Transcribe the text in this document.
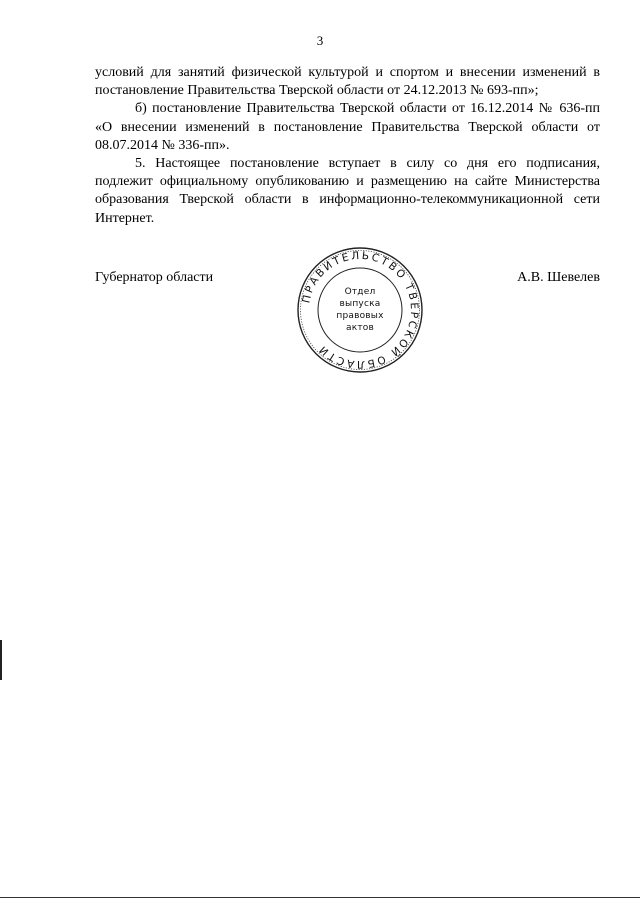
3

условий для занятий физической культурой и спортом и внесении изменений в постановление Правительства Тверской области от 24.12.2013 № 693-пп»;

б) постановление Правительства Тверской области от 16.12.2014 № 636-пп «О внесении изменений в постановление Правительства Тверской области от 08.07.2014 № 336-пп».

5. Настоящее постановление вступает в силу со дня его подписания, подлежит официальному опубликованию и размещению на сайте Министерства образования Тверской области в информационно-телекоммуникационной сети Интернет.

Губернатор области
ПРАВИТЕЛЬСТВО ТВЕРСКОЙ ОБЛАСТИ
Отдел
выпуска
правовых
актов
А.В. Шевелев
